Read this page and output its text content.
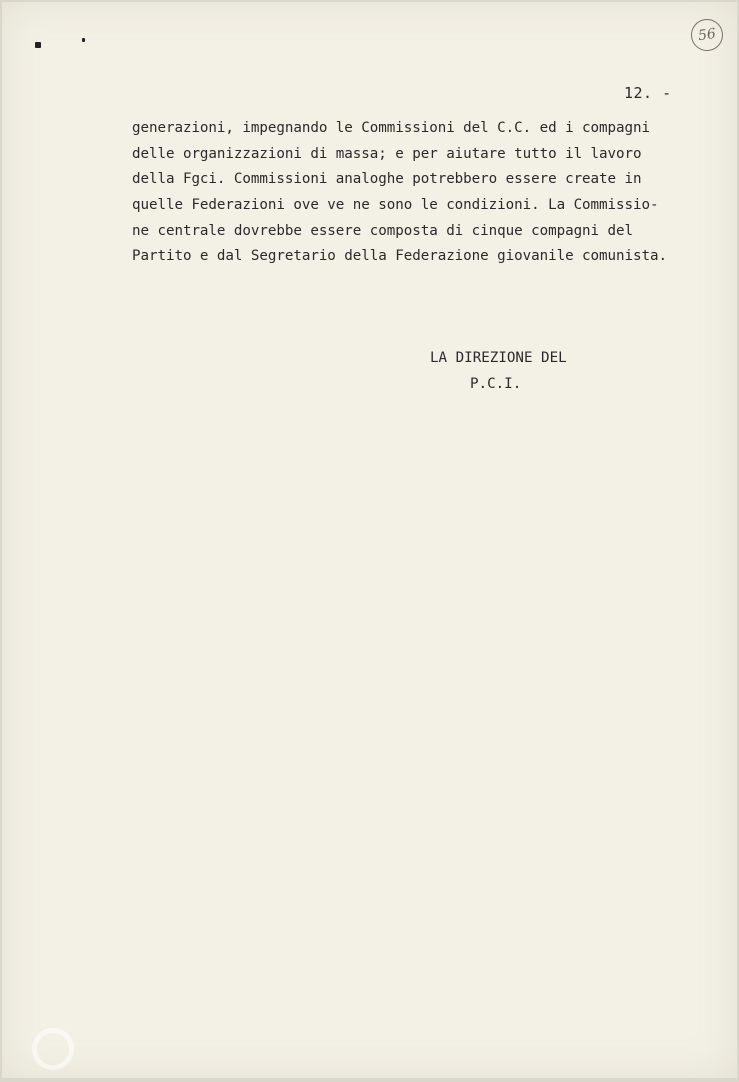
56
12. -
generazioni, impegnando le Commissioni del C.C. ed i compagni
delle organizzazioni di massa; e per aiutare tutto il lavoro
della Fgci. Commissioni analoghe potrebbero essere create in
quelle Federazioni ove ve ne sono le condizioni. La Commissio-
ne centrale dovrebbe essere composta di cinque compagni del
Partito e dal Segretario della Federazione giovanile comunista.
LA DIREZIONE DEL
P.C.I.
